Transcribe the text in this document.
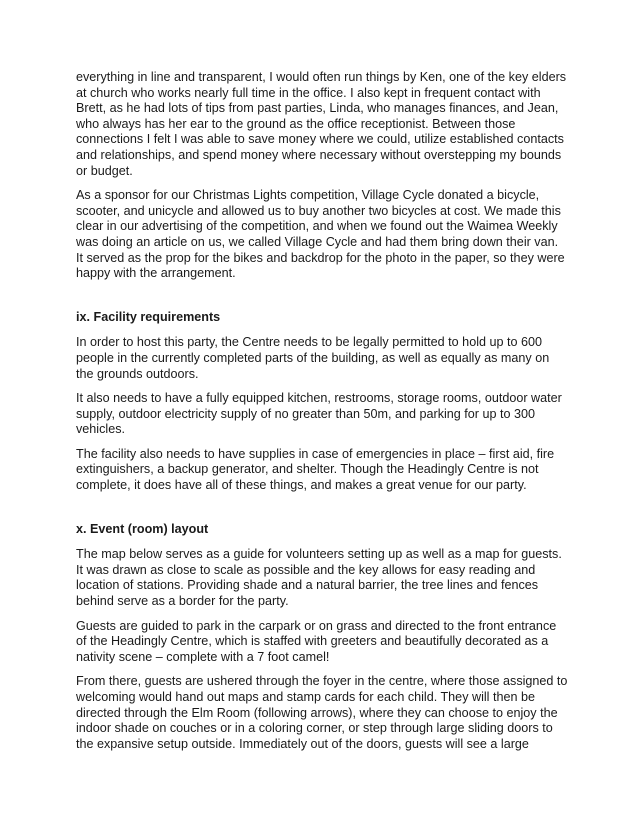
everything in line and transparent, I would often run things by Ken, one of the key elders at church who works nearly full time in the office. I also kept in frequent contact with Brett, as he had lots of tips from past parties, Linda, who manages finances, and Jean, who always has her ear to the ground as the office receptionist. Between those connections I felt I was able to save money where we could, utilize established contacts and relationships, and spend money where necessary without overstepping my bounds or budget.

As a sponsor for our Christmas Lights competition, Village Cycle donated a bicycle, scooter, and unicycle and allowed us to buy another two bicycles at cost. We made this clear in our advertising of the competition, and when we found out the Waimea Weekly was doing an article on us, we called Village Cycle and had them bring down their van. It served as the prop for the bikes and backdrop for the photo in the paper, so they were happy with the arrangement.

ix. Facility requirements

In order to host this party, the Centre needs to be legally permitted to hold up to 600 people in the currently completed parts of the building, as well as equally as many on the grounds outdoors.

It also needs to have a fully equipped kitchen, restrooms, storage rooms, outdoor water supply, outdoor electricity supply of no greater than 50m, and parking for up to 300 vehicles.

The facility also needs to have supplies in case of emergencies in place – first aid, fire extinguishers, a backup generator, and shelter. Though the Headingly Centre is not complete, it does have all of these things, and makes a great venue for our party.

x. Event (room) layout

The map below serves as a guide for volunteers setting up as well as a map for guests. It was drawn as close to scale as possible and the key allows for easy reading and location of stations. Providing shade and a natural barrier, the tree lines and fences behind serve as a border for the party.

Guests are guided to park in the carpark or on grass and directed to the front entrance of the Headingly Centre, which is staffed with greeters and beautifully decorated as a nativity scene – complete with a 7 foot camel!

From there, guests are ushered through the foyer in the centre, where those assigned to welcoming would hand out maps and stamp cards for each child. They will then be directed through the Elm Room (following arrows), where they can choose to enjoy the indoor shade on couches or in a coloring corner, or step through large sliding doors to the expansive setup outside. Immediately out of the doors, guests will see a large
